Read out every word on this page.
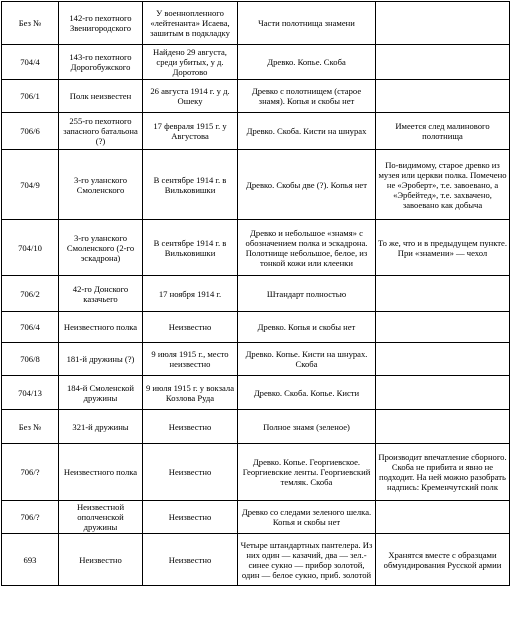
Без №	142-го пехотного Звенигородского	У военнопленного «лейтенанта» Исаева, зашитым в подкладку	Части полотнища знамени	
704/4	143-го пехотного Дорогобужского	Найдено 29 августа, среди убитых, у д. Доротово	Древко. Копье. Скоба	
706/1	Полк неизвестен	26 августа 1914 г. у д. Ошеку	Древко с полотнищем (старое знамя). Копья и скобы нет	
706/6	255-го пехотного запасного батальона (?)	17 февраля 1915 г. у Августова	Древко. Скоба. Кисти на шнурах	Имеется след малинового полотнища
704/9	3-го уланского Смоленского	В сентябре 1914 г. в Вильковишки	Древко. Скобы две (?). Копья нет	По-видимому, старое древко из музея или церкви полка. Помечено не «Эроберт», т.е. завоевано, а «Эрбейтед», т.е. захвачено, завоевано как добыча
704/10	3-го уланского Смоленского (2-го эскадрона)	В сентябре 1914 г. в Вильковишки	Древко и небольшое «знамя» с обозначением полка и эскадрона. Полотнище небольшое, белое, из тонкой кожи или клеенки	То же, что и в предыдущем пункте. При «знамени» — чехол
706/2	42-го Донского казачьего	17 ноября 1914 г.	Штандарт полностью	
706/4	Неизвестного полка	Неизвестно	Древко. Копья и скобы нет	
706/8	181-й дружины (?)	9 июля 1915 г., место неизвестно	Древко. Копье. Кисти на шнурах. Скоба	
704/13	184-й Смоленской дружины	9 июля 1915 г. у вокзала Козлова Руда	Древко. Скоба. Копье. Кисти	
Без №	321-й дружины	Неизвестно	Полное знамя (зеленое)	
706/?	Неизвестного полка	Неизвестно	Древко. Копье. Георгиевское. Георгиевские ленты. Георгиевский темляк. Скоба	Производит впечатление сборного. Скоба не прибита и явно не подходит. На ней можно разобрать надпись: Кременчутский полк
706/?	Неизвестной ополченской дружины	Неизвестно	Древко со следами зеленого шелка. Копья и скобы нет	
693	Неизвестно	Неизвестно	Четыре штандартных пантелера. Из них один — казачий, два — зел.-синее сукно — прибор золотой, один — белое сукно, приб. золотой	Хранятся вместе с образцами обмундирования Русской армии
